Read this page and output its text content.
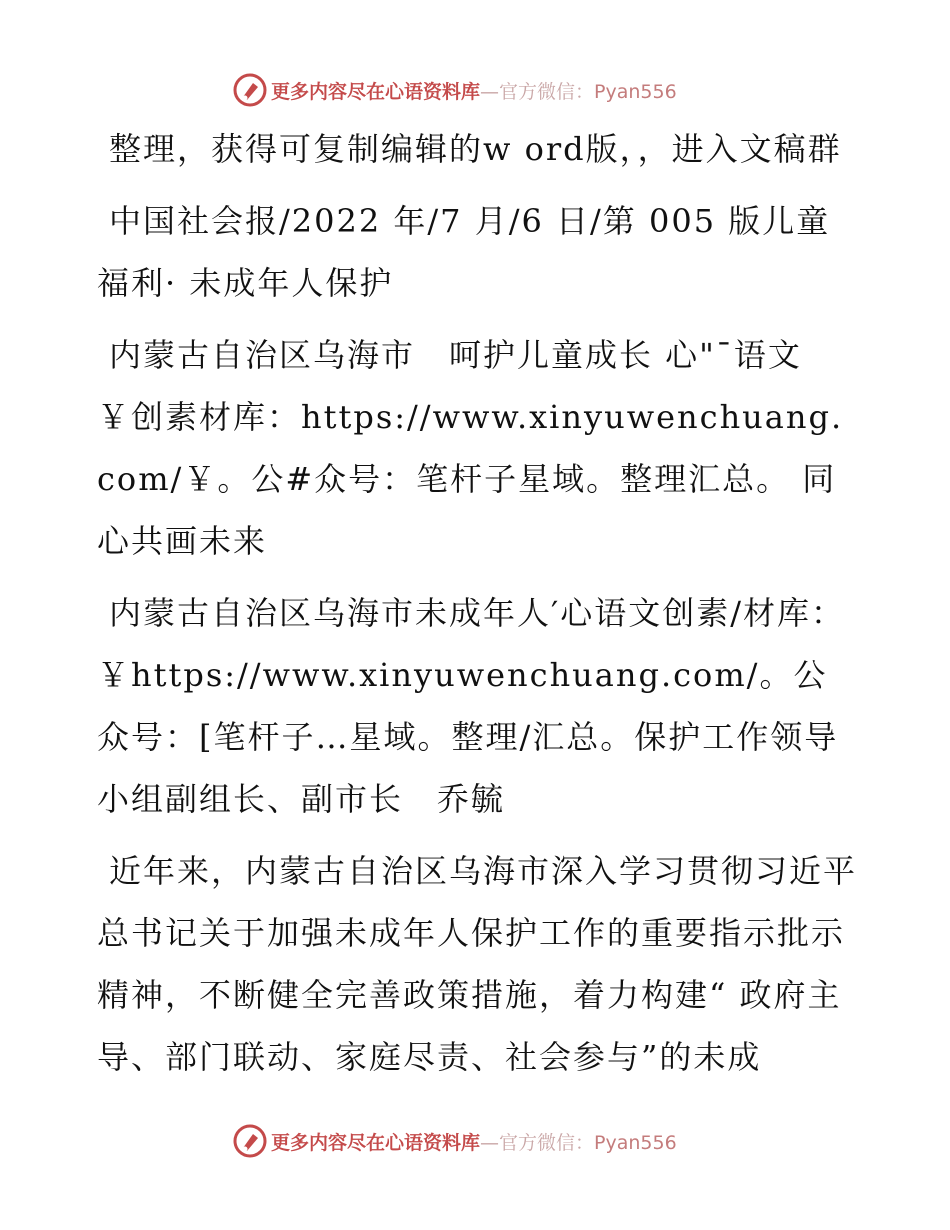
更多内容尽在心语资料库—官方微信：Pyan556

整理，获得可复制编辑的w ord版，，进入文稿群

中国社会报/2022 年/7 月/6 日/第 005 版儿童福利· 未成年人保护

内蒙古自治区乌海市　呵护儿童成长 心"¯语文￥创素材库：https://www.xinyuwenchuang.com/￥。公#众号：笔杆子星域。整理汇总。 同心共画未来

内蒙古自治区乌海市未成年人′心语文创素/材库：￥https://www.xinyuwenchuang.com/。公众号：[笔杆子…星域。整理/汇总。保护工作领导小组副组长、副市长　乔毓

近年来，内蒙古自治区乌海市深入学习贯彻习近平总书记关于加强未成年人保护工作的重要指示批示精神，不断健全完善政策措施，着力构建“ 政府主导、部门联动、家庭尽责、社会参与”的未成

更多内容尽在心语资料库—官方微信：Pyan556
